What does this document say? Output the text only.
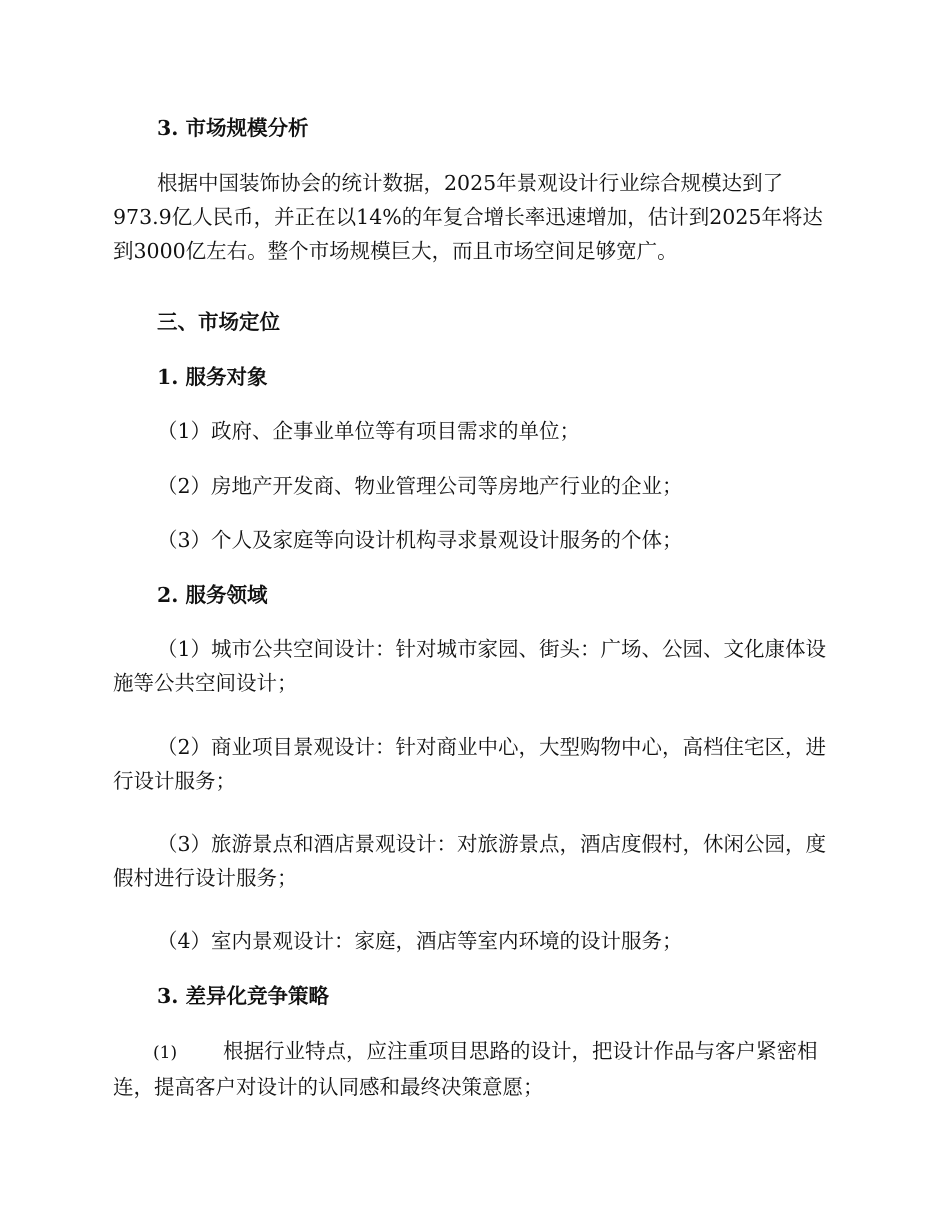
3. 市场规模分析

根据中国装饰协会的统计数据，2025年景观设计行业综合规模达到了973.9亿人民币，并正在以14%的年复合增长率迅速增加，估计到2025年将达到3000亿左右。整个市场规模巨大，而且市场空间足够宽广。

三、市场定位

1. 服务对象

（1）政府、企事业单位等有项目需求的单位；

（2）房地产开发商、物业管理公司等房地产行业的企业；

（3）个人及家庭等向设计机构寻求景观设计服务的个体；

2. 服务领域

（1）城市公共空间设计：针对城市家园、街头：广场、公园、文化康体设施等公共空间设计；

（2）商业项目景观设计：针对商业中心，大型购物中心，高档住宅区，进行设计服务；

（3）旅游景点和酒店景观设计：对旅游景点，酒店度假村，休闲公园，度假村进行设计服务；

（4）室内景观设计：家庭，酒店等室内环境的设计服务；

3. 差异化竞争策略

(1) 根据行业特点，应注重项目思路的设计，把设计作品与客户紧密相连，提高客户对设计的认同感和最终决策意愿；
